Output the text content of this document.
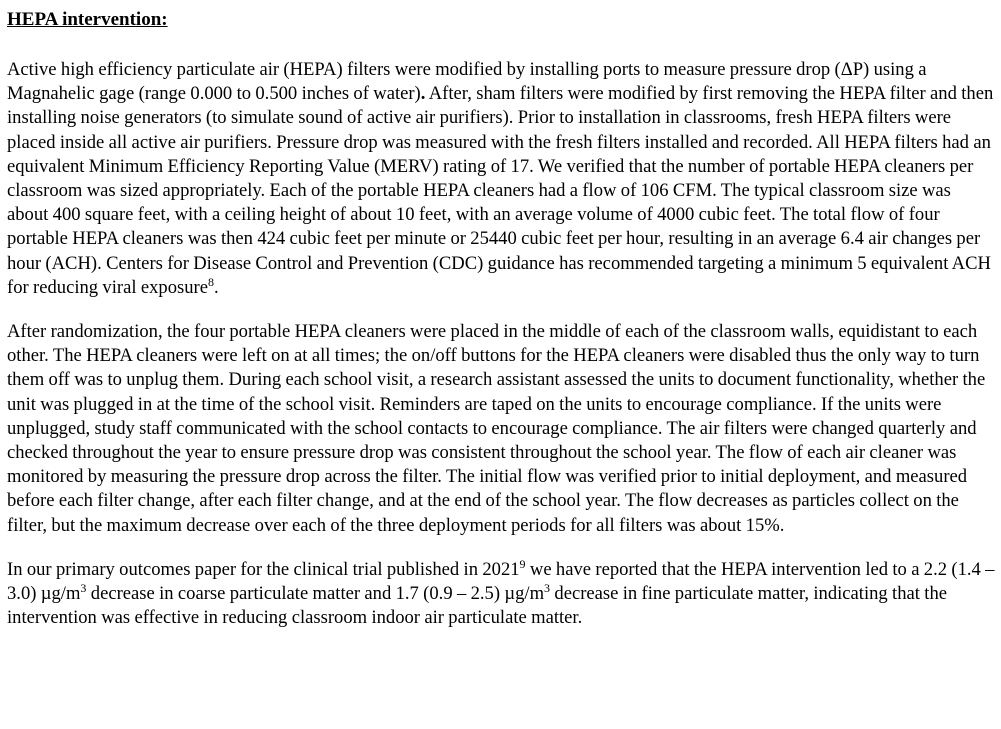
HEPA intervention:

Active high efficiency particulate air (HEPA) filters were modified by installing ports to measure pressure drop (ΔP) using a Magnahelic gage (range 0.000 to 0.500 inches of water). After, sham filters were modified by first removing the HEPA filter and then installing noise generators (to simulate sound of active air purifiers). Prior to installation in classrooms, fresh HEPA filters were placed inside all active air purifiers. Pressure drop was measured with the fresh filters installed and recorded. All HEPA filters had an equivalent Minimum Efficiency Reporting Value (MERV) rating of 17. We verified that the number of portable HEPA cleaners per classroom was sized appropriately. Each of the portable HEPA cleaners had a flow of 106 CFM. The typical classroom size was about 400 square feet, with a ceiling height of about 10 feet, with an average volume of 4000 cubic feet. The total flow of four portable HEPA cleaners was then 424 cubic feet per minute or 25440 cubic feet per hour, resulting in an average 6.4 air changes per hour (ACH). Centers for Disease Control and Prevention (CDC) guidance has recommended targeting a minimum 5 equivalent ACH for reducing viral exposure$^8$.

After randomization, the four portable HEPA cleaners were placed in the middle of each of the classroom walls, equidistant to each other. The HEPA cleaners were left on at all times; the on/off buttons for the HEPA cleaners were disabled thus the only way to turn them off was to unplug them. During each school visit, a research assistant assessed the units to document functionality, whether the unit was plugged in at the time of the school visit. Reminders are taped on the units to encourage compliance. If the units were unplugged, study staff communicated with the school contacts to encourage compliance. The air filters were changed quarterly and checked throughout the year to ensure pressure drop was consistent throughout the school year. The flow of each air cleaner was monitored by measuring the pressure drop across the filter. The initial flow was verified prior to initial deployment, and measured before each filter change, after each filter change, and at the end of the school year. The flow decreases as particles collect on the filter, but the maximum decrease over each of the three deployment periods for all filters was about 15%.

In our primary outcomes paper for the clinical trial published in 2021$^9$ we have reported that the HEPA intervention led to a 2.2 (1.4 – 3.0) $\mu g/m^3$ decrease in coarse particulate matter and 1.7 (0.9 – 2.5) $\mu g/m^3$ decrease in fine particulate matter, indicating that the intervention was effective in reducing classroom indoor air particulate matter.
